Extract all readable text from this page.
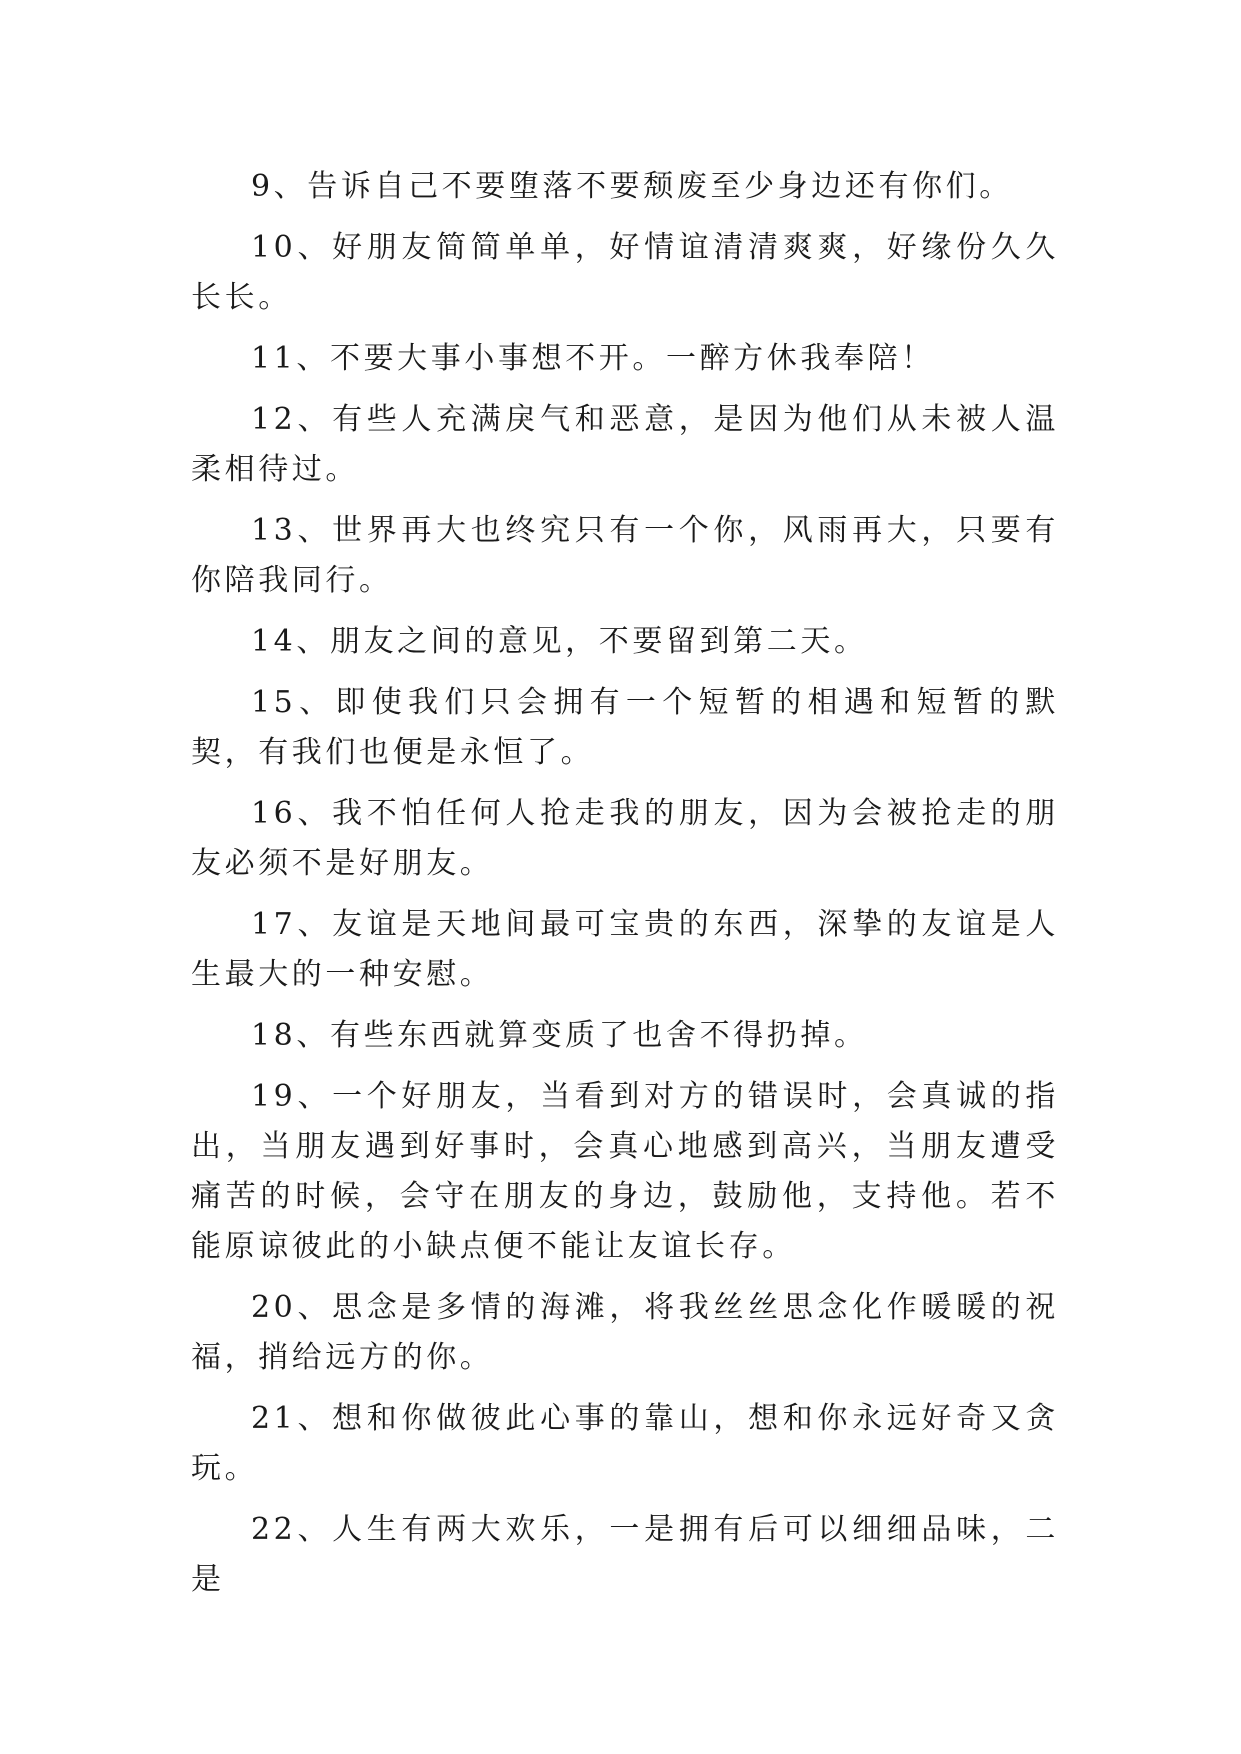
9、告诉自己不要堕落不要颓废至少身边还有你们。

10、好朋友简简单单，好情谊清清爽爽，好缘份久久长长。

11、不要大事小事想不开。一醉方休我奉陪！

12、有些人充满戾气和恶意，是因为他们从未被人温柔相待过。

13、世界再大也终究只有一个你，风雨再大，只要有你陪我同行。

14、朋友之间的意见，不要留到第二天。

15、即使我们只会拥有一个短暂的相遇和短暂的默契，有我们也便是永恒了。

16、我不怕任何人抢走我的朋友，因为会被抢走的朋友必须不是好朋友。

17、友谊是天地间最可宝贵的东西，深挚的友谊是人生最大的一种安慰。

18、有些东西就算变质了也舍不得扔掉。

19、一个好朋友，当看到对方的错误时，会真诚的指出，当朋友遇到好事时，会真心地感到高兴，当朋友遭受痛苦的时候，会守在朋友的身边，鼓励他，支持他。若不能原谅彼此的小缺点便不能让友谊长存。

20、思念是多情的海滩，将我丝丝思念化作暖暖的祝福，捎给远方的你。

21、想和你做彼此心事的靠山，想和你永远好奇又贪玩。

22、人生有两大欢乐，一是拥有后可以细细品味，二是
